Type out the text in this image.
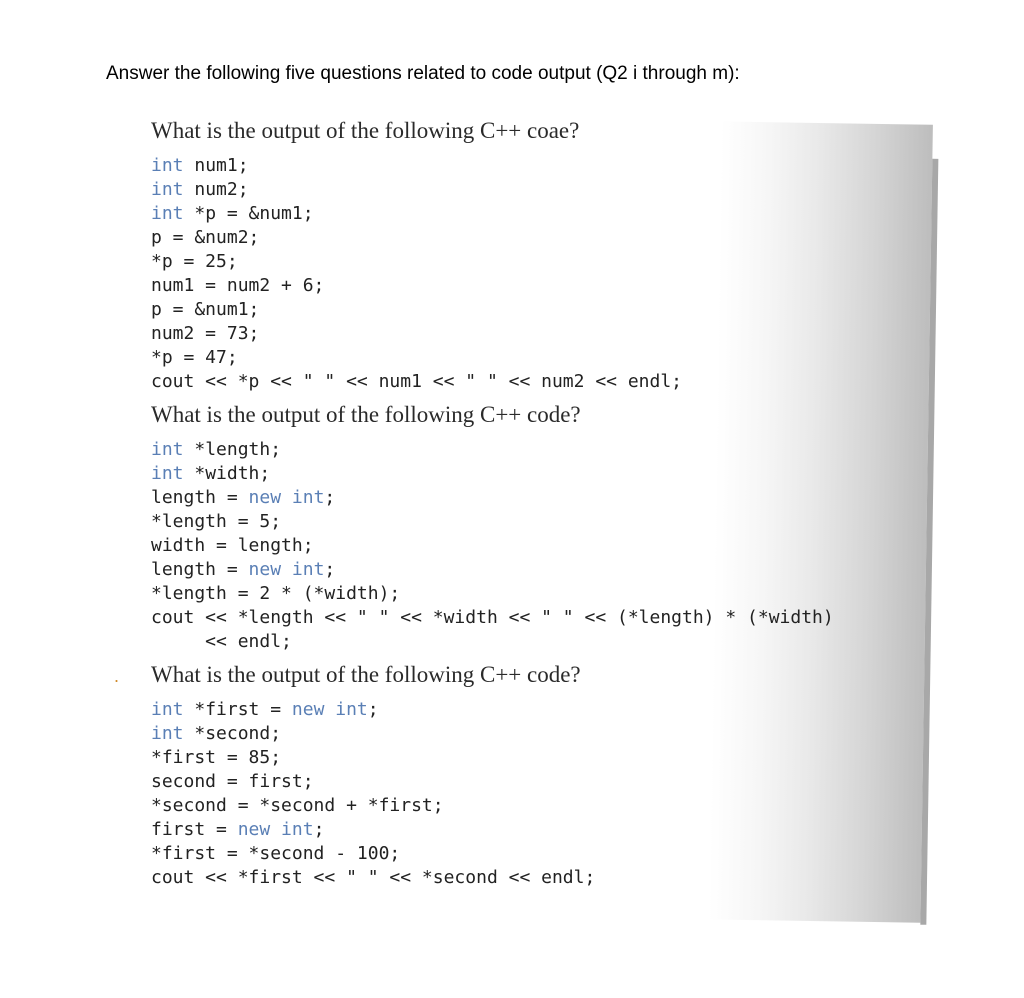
Answer the following five questions related to code output (Q2 i through m):
What is the output of the following C++ coae?
int num1;
int num2;
int *p = &num1;
p = &num2;
*p = 25;
num1 = num2 + 6;
p = &num1;
num2 = 73;
*p = 47;
cout << *p << " " << num1 << " " << num2 << endl;
What is the output of the following C++ code?
int *length;
int *width;
length = new int;
*length = 5;
width = length;
length = new int;
*length = 2 * (*width);
cout << *length << " " << *width << " " << (*length) * (*width)
<< endl;
. What is the output of the following C++ code?
int *first = new int;
int *second;
*first = 85;
second = first;
*second = *second + *first;
first = new int;
*first = *second - 100;
cout << *first << " " << *second << endl;
